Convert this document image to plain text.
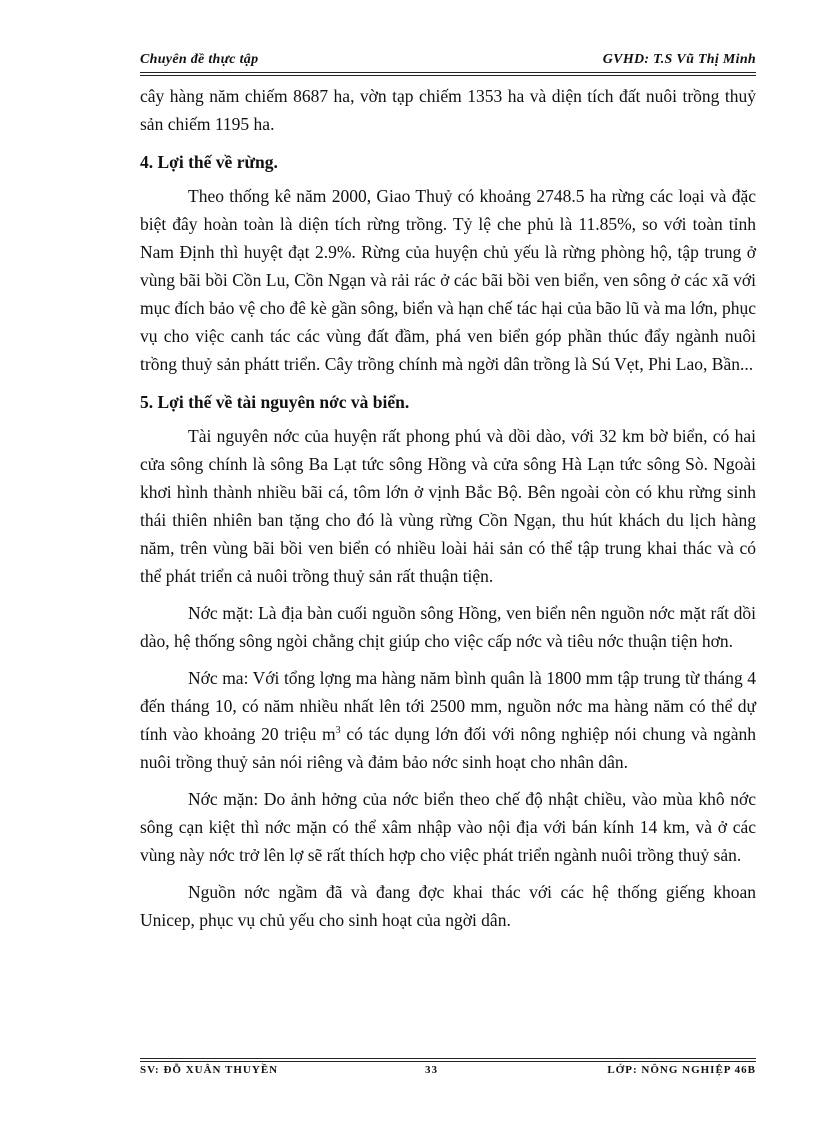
Chuyên đề thực tập	GVHD: T.S Vũ Thị Minh

cây hàng năm chiếm 8687 ha, vờn tạp chiếm 1353 ha và diện tích đất nuôi trồng thuỷ sản chiếm 1195 ha.

4. Lợi thế về rừng.

Theo thống kê năm 2000, Giao Thuỷ có khoảng 2748.5 ha rừng các loại và đặc biệt đây hoàn toàn là diện tích rừng trồng. Tỷ lệ che phủ là 11.85%, so với toàn tỉnh Nam Định thì huyệt đạt 2.9%. Rừng của huyện chủ yếu là rừng phòng hộ, tập trung ở vùng bãi bồi Cồn Lu, Cồn Ngạn và rải rác ở các bãi bồi ven biển, ven sông ở các xã với mục đích bảo vệ cho đê kè gần sông, biển và hạn chế tác hại của bão lũ và ma lớn, phục vụ cho việc canh tác các vùng đất đầm, phá ven biển góp phần thúc đẩy ngành nuôi trồng thuỷ sản phátt triển. Cây trồng chính mà ngời dân trồng là Sú Vẹt, Phi Lao, Bần...

5. Lợi thế về tài nguyên nớc và biển.

Tài nguyên nớc của huyện rất phong phú và dồi dào, với 32 km bờ biển, có hai cửa sông chính là sông Ba Lạt tức sông Hồng và cửa sông Hà Lạn tức sông Sò. Ngoài khơi hình thành nhiều bãi cá, tôm lớn ở vịnh Bắc Bộ. Bên ngoài còn có khu rừng sinh thái thiên nhiên ban tặng cho đó là vùng rừng Cồn Ngạn, thu hút khách du lịch hàng năm, trên vùng bãi bồi ven biển có nhiều loài hải sản có thể tập trung khai thác và có thể phát triển cả nuôi trồng thuỷ sản rất thuận tiện.

Nớc mặt: Là địa bàn cuối nguồn sông Hồng, ven biển nên nguồn nớc mặt rất dồi dào, hệ thống sông ngòi chằng chịt giúp cho việc cấp nớc và tiêu nớc thuận tiện hơn.

Nớc ma: Với tổng lợng ma hàng năm bình quân là 1800 mm tập trung từ tháng 4 đến tháng 10, có năm nhiều nhất lên tới 2500 mm, nguồn nớc ma hàng năm có thể dự tính vào khoảng 20 triệu $m^3$ có tác dụng lớn đối với nông nghiệp nói chung và ngành nuôi trồng thuỷ sản nói riêng và đảm bảo nớc sinh hoạt cho nhân dân.

Nớc mặn: Do ảnh hởng của nớc biển theo chế độ nhật chiều, vào mùa khô nớc sông cạn kiệt thì nớc mặn có thể xâm nhập vào nội địa với bán kính 14 km, và ở các vùng này nớc trở lên lợ sẽ rất thích hợp cho việc phát triển ngành nuôi trồng thuỷ sản.

Nguồn nớc ngầm đã và đang đợc khai thác với các hệ thống giếng khoan Unicep, phục vụ chủ yếu cho sinh hoạt của ngời dân.

SV: ĐỖ XUÂN THUYỀN	33	LỚP: NÔNG NGHIỆP 46B
